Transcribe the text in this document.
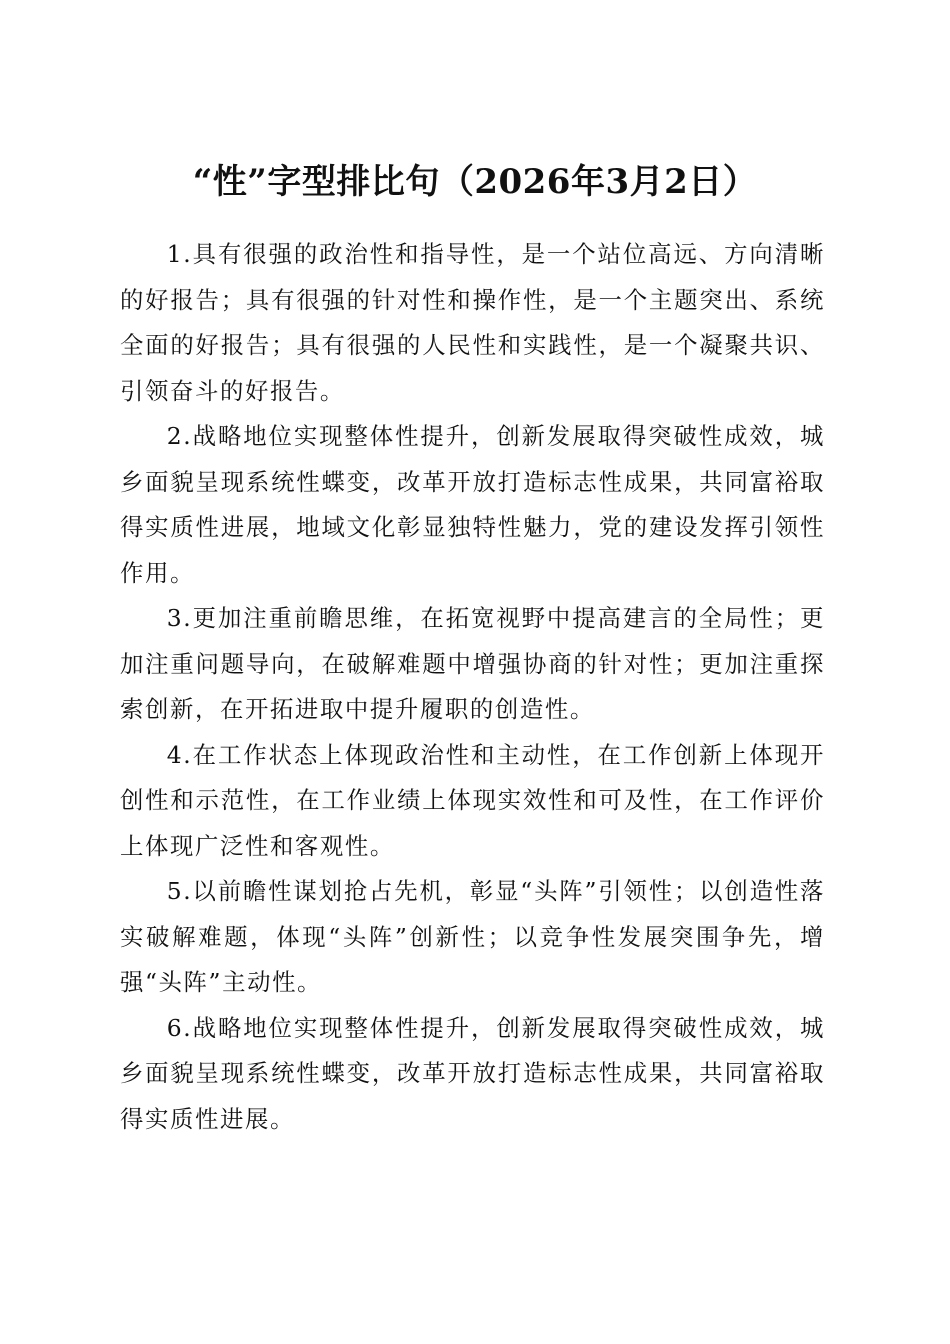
“性”字型排比句（2026年3月2日）

1.具有很强的政治性和指导性，是一个站位高远、方向清晰的好报告；具有很强的针对性和操作性，是一个主题突出、系统全面的好报告；具有很强的人民性和实践性，是一个凝聚共识、引领奋斗的好报告。

2.战略地位实现整体性提升，创新发展取得突破性成效，城乡面貌呈现系统性蝶变，改革开放打造标志性成果，共同富裕取得实质性进展，地域文化彰显独特性魅力，党的建设发挥引领性作用。

3.更加注重前瞻思维，在拓宽视野中提高建言的全局性；更加注重问题导向，在破解难题中增强协商的针对性；更加注重探索创新，在开拓进取中提升履职的创造性。

4.在工作状态上体现政治性和主动性，在工作创新上体现开创性和示范性，在工作业绩上体现实效性和可及性，在工作评价上体现广泛性和客观性。

5.以前瞻性谋划抢占先机，彰显“头阵”引领性；以创造性落实破解难题，体现“头阵”创新性；以竞争性发展突围争先，增强“头阵”主动性。

6.战略地位实现整体性提升，创新发展取得突破性成效，城乡面貌呈现系统性蝶变，改革开放打造标志性成果，共同富裕取得实质性进展。
